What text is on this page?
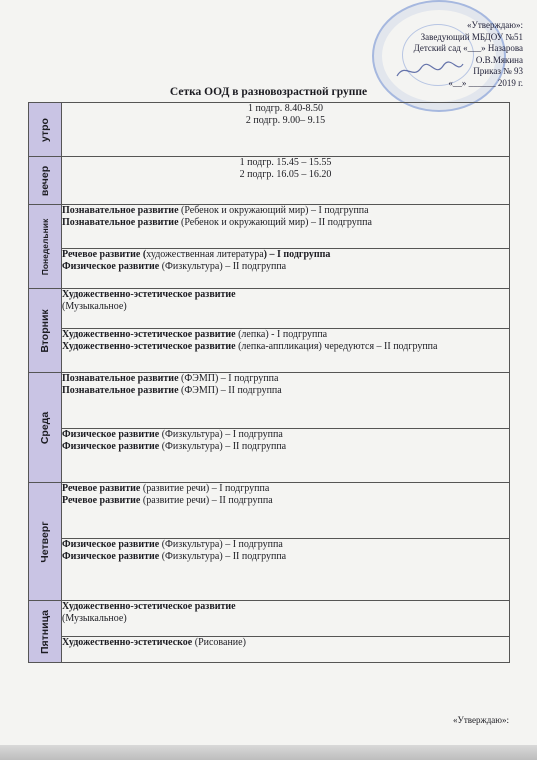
«Утверждаю»:
Заведующий МБДОУ №51
Детский сад «___» Назарова
О.В.Мякина
Приказ № 93
«__» ______ 2019 г.
Сетка ООД в разновозрастной группе
утро	1 подгр. 8.40-8.50
2 подгр. 9.00– 9.15

вечер	1 подгр. 15.45 – 15.55
2 подгр. 16.05 – 16.20

Понедельник	Познавательное развитие (Ребенок и окружающий мир) – I подгруппа
Познавательное развитие (Ребенок и окружающий мир) – II подгруппа

	Речевое развитие (художественная литература) – I подгруппа
Физическое развитие (Физкультура) – II подгруппа

Вторник	Художественно-эстетическое развитие
(Музыкальное)

	Художественно-эстетическое развитие (лепка) - I подгруппа
Художественно-эстетическое развитие (лепка-аппликация) чередуются – II подгруппа

Среда	Познавательное развитие (ФЭМП) – I подгруппа
Познавательное развитие (ФЭМП) – II подгруппа

	Физическое развитие (Физкультура) – I подгруппа
Физическое развитие (Физкультура) – II подгруппа

Четверг	Речевое развитие (развитие речи) – I подгруппа
Речевое развитие (развитие речи) – II подгруппа

	Физическое развитие (Физкультура) – I подгруппа
Физическое развитие (Физкультура) – II подгруппа

Пятница	Художественно-эстетическое развитие
(Музыкальное)

	Художественно-эстетическое (Рисование)
«Утверждаю»:
